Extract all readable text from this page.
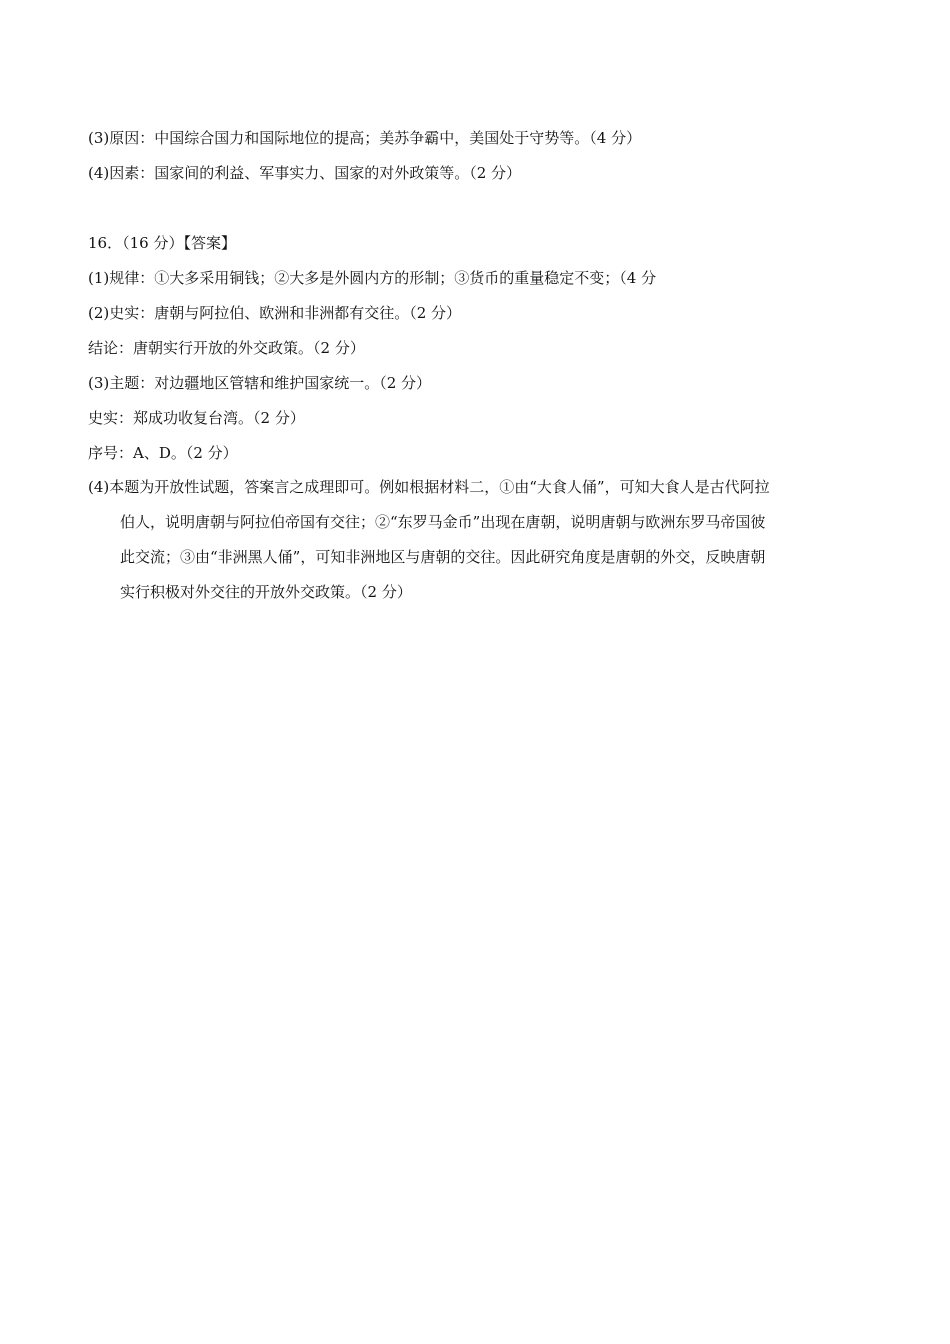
(3)原因：中国综合国力和国际地位的提高；美苏争霸中，美国处于守势等。（4 分）
(4)因素：国家间的利益、军事实力、国家的对外政策等。（2 分）
16．（16 分）【答案】
(1)规律：①大多采用铜钱；②大多是外圆内方的形制；③货币的重量稳定不变；（4 分
(2)史实：唐朝与阿拉伯、欧洲和非洲都有交往。（2 分）
结论：唐朝实行开放的外交政策。（2 分）
(3)主题：对边疆地区管辖和维护国家统一。（2 分）
史实：郑成功收复台湾。（2 分）
序号：A、D。（2 分）
(4)本题为开放性试题，答案言之成理即可。例如根据材料二，①由“大食人俑”，可知大食人是古代阿拉
伯人，说明唐朝与阿拉伯帝国有交往；②“东罗马金币”出现在唐朝，说明唐朝与欧洲东罗马帝国彼
此交流；③由“非洲黑人俑”，可知非洲地区与唐朝的交往。因此研究角度是唐朝的外交，反映唐朝
实行积极对外交往的开放外交政策。（2 分）
